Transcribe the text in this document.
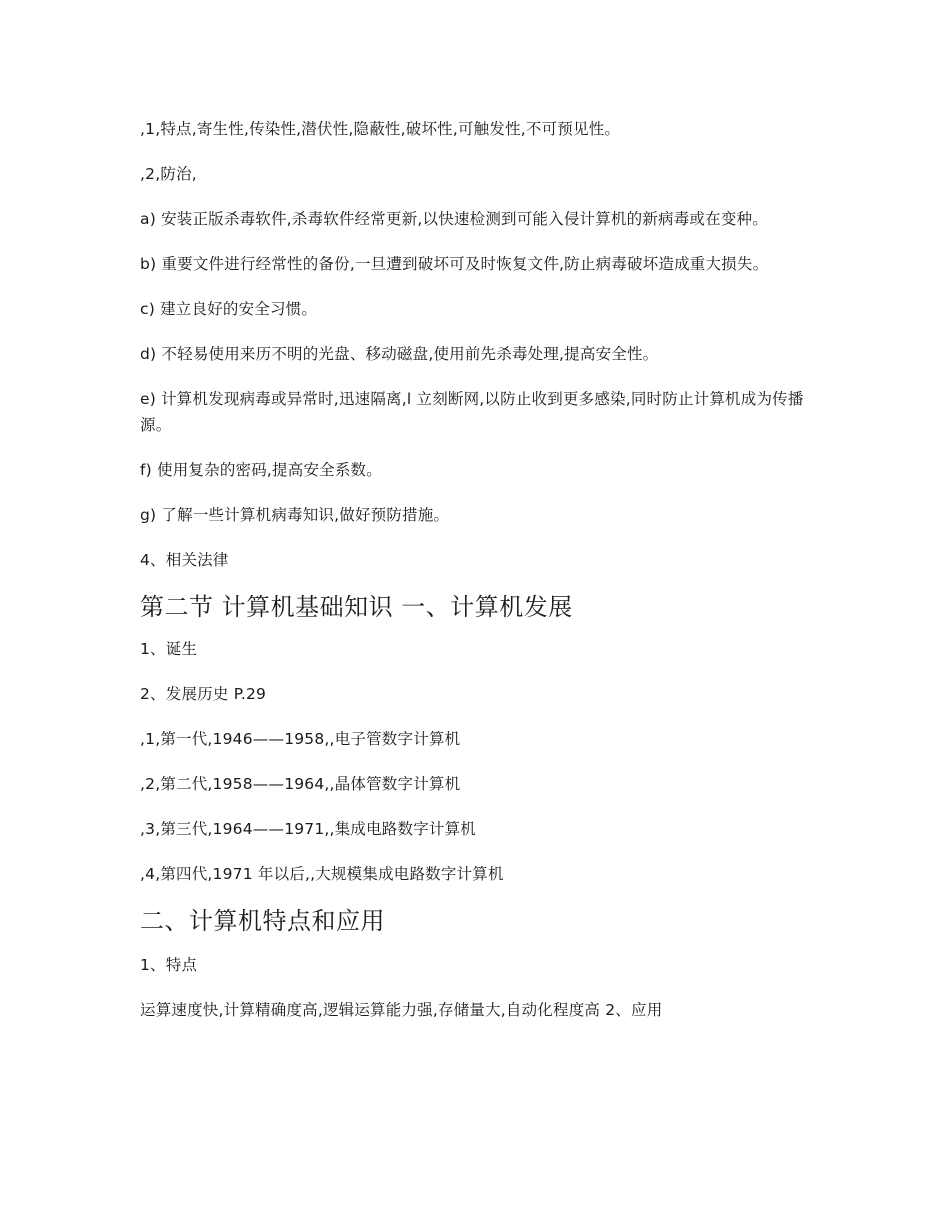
,1,特点,寄生性,传染性,潜伏性,隐蔽性,破坏性,可触发性,不可预见性。

,2,防治,

a) 安装正版杀毒软件,杀毒软件经常更新,以快速检测到可能入侵计算机的新病毒或在变种。

b) 重要文件进行经常性的备份,一旦遭到破坏可及时恢复文件,防止病毒破坏造成重大损失。

c) 建立良好的安全习惯。

d) 不轻易使用来历不明的光盘、移动磁盘,使用前先杀毒处理,提高安全性。

e) 计算机发现病毒或异常时,迅速隔离,l 立刻断网,以防止收到更多感染,同时防止计算机成为传播源。

f) 使用复杂的密码,提高安全系数。

g) 了解一些计算机病毒知识,做好预防措施。

4、相关法律

第二节 计算机基础知识 一、计算机发展

1、诞生

2、发展历史 P.29

,1,第一代,1946——1958,,电子管数字计算机

,2,第二代,1958——1964,,晶体管数字计算机

,3,第三代,1964——1971,,集成电路数字计算机

,4,第四代,1971 年以后,,大规模集成电路数字计算机

二、计算机特点和应用

1、特点

运算速度快,计算精确度高,逻辑运算能力强,存储量大,自动化程度高 2、应用
